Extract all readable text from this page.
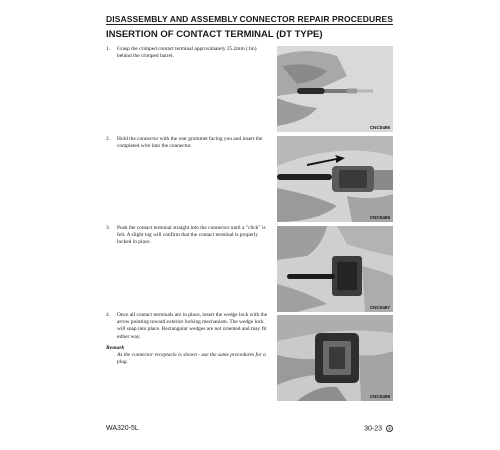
DISASSEMBLY AND ASSEMBLY CONNECTOR REPAIR PROCEDURES
INSERTION OF CONTACT TERMINAL (DT TYPE)
1. Grasp the crimped contact terminal approximately 25.2mm (1in) behind the crimped barrel.
CNC0495
2. Hold the connector with the rear grommet facing you and insert the completed wire into the connector.
CNC0496
3. Push the contact terminal straight into the connector until a "click" is felt. A slight tug will confirm that the contact terminal is properly locked in place.
CNC0497
4. Once all contact terminals are in place, insert the wedge lock with the arrow pointing toward exterior locking mechanism. The wedge lock will snap into place. Rectangular wedges are not oriented and may fit either way.
CNC0498
Remark
As the connector receptacle is shown - use the same procedures for a plug.
WA320-5L	30-23 ⑤
